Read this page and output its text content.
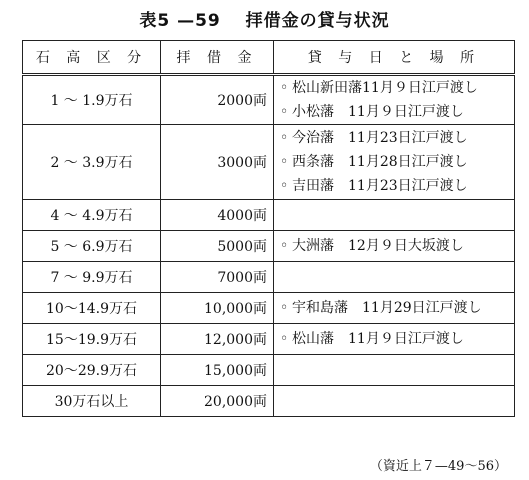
表5 —59　 拝借金の貸与状況
石 高 区 分	拝 借 金	貸 与 日 と 場 所
1 ～ 1.9万石	2000両	◦ 松山新田藩11月９日江戸渡し
◦ 小松藩　11月９日江戸渡し

2 ～ 3.9万石	3000両	◦ 今治藩　11月23日江戸渡し
◦ 西条藩　11月28日江戸渡し
◦ 吉田藩　11月23日江戸渡し

4 ～ 4.9万石	4000両	
5 ～ 6.9万石	5000両	◦ 大洲藩　12月９日大坂渡し

7 ～ 9.9万石	7000両	
10～14.9万石	10,000両	◦ 宇和島藩　11月29日江戸渡し

15～19.9万石	12,000両	◦ 松山藩　11月９日江戸渡し

20～29.9万石	15,000両	
30万石以上	20,000両	
（資近上７—49～56）
